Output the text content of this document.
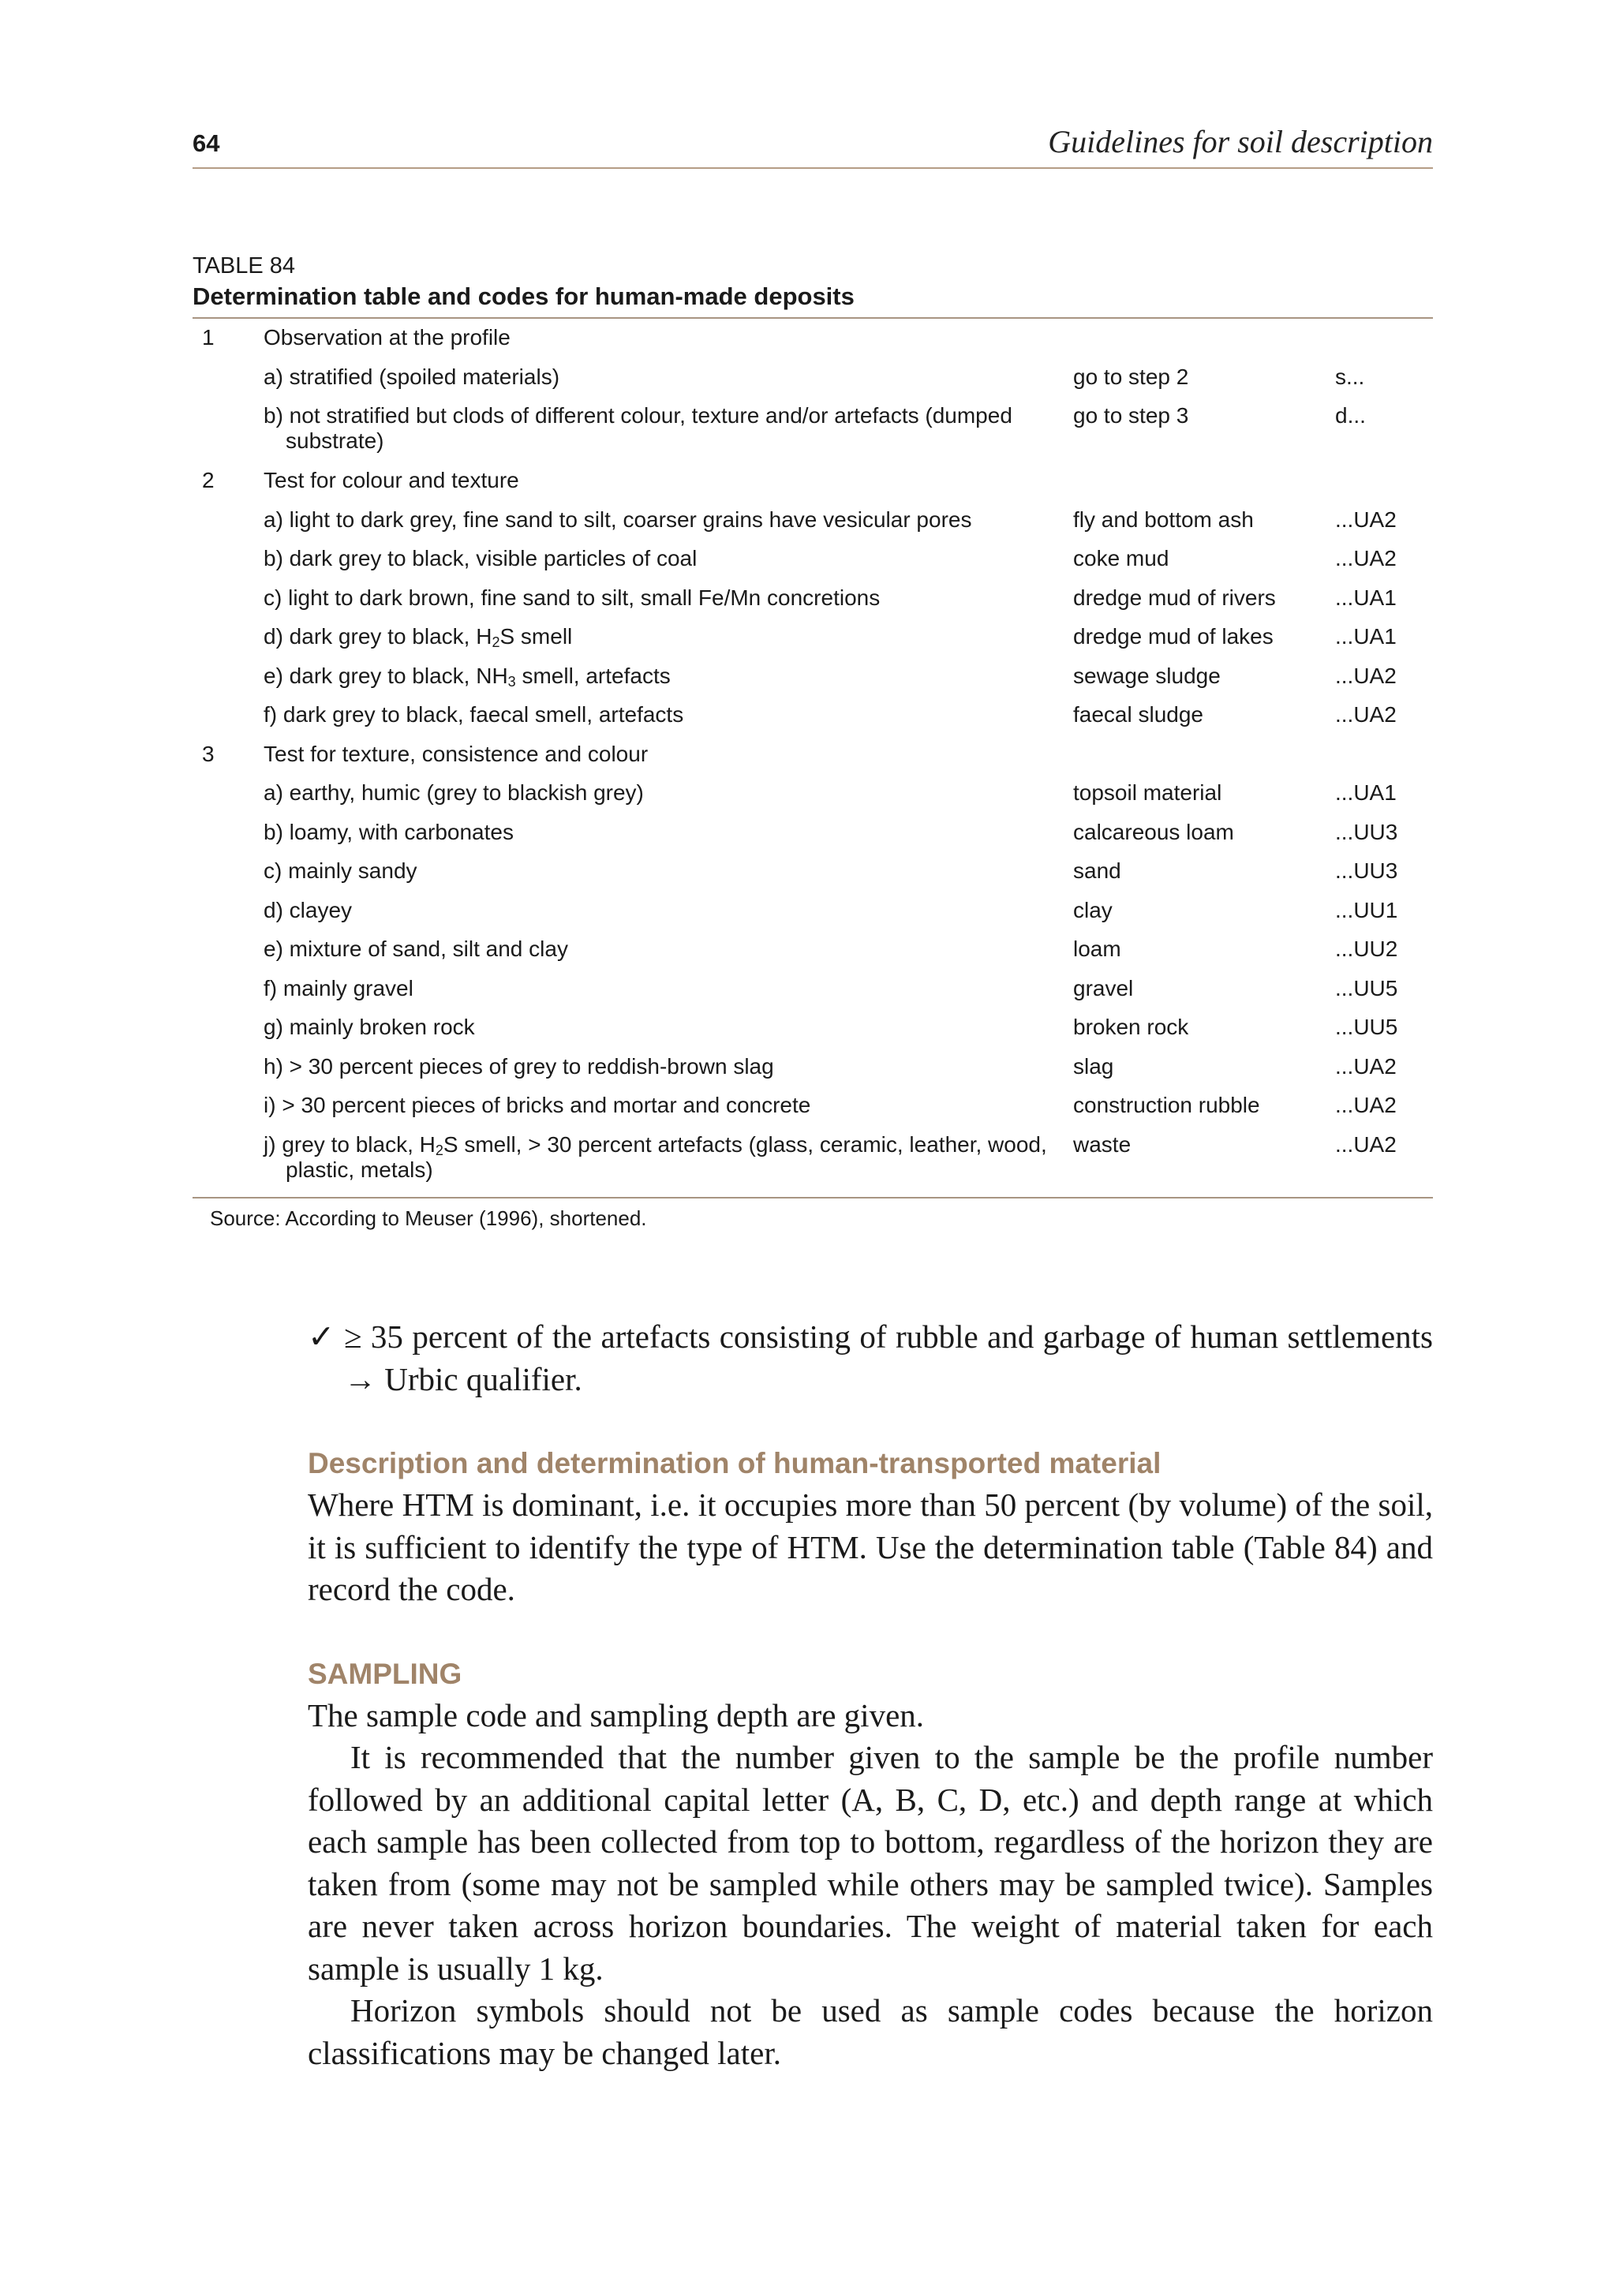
64	Guidelines for soil description
TABLE 84
Determination table and codes for human-made deposits
1	Observation at the profile		
	a) stratified (spoiled materials)	go to step 2	s...
	b) not stratified but clods of different colour, texture and/or artefacts (dumped substrate)	go to step 3	d...
2	Test for colour and texture		
	a) light to dark grey, fine sand to silt, coarser grains have vesicular pores	fly and bottom ash	...UA2
	b) dark grey to black, visible particles of coal	coke mud	...UA2
	c) light to dark brown, fine sand to silt, small Fe/Mn concretions	dredge mud of rivers	...UA1
	d) dark grey to black, $H_2S$ smell	dredge mud of lakes	...UA1
	e) dark grey to black, $NH_3$ smell, artefacts	sewage sludge	...UA2
	f) dark grey to black, faecal smell, artefacts	faecal sludge	...UA2
3	Test for texture, consistence and colour		
	a) earthy, humic (grey to blackish grey)	topsoil material	...UA1
	b) loamy, with carbonates	calcareous loam	...UU3
	c) mainly sandy	sand	...UU3
	d) clayey	clay	...UU1
	e) mixture of sand, silt and clay	loam	...UU2
	f) mainly gravel	gravel	...UU5
	g) mainly broken rock	broken rock	...UU5
	h) > 30 percent pieces of grey to reddish-brown slag	slag	...UA2
	i) > 30 percent pieces of bricks and mortar and concrete	construction rubble	...UA2
	j) grey to black, $H_2S$ smell, > 30 percent artefacts (glass, ceramic, leather, wood, plastic, metals)	waste	...UA2
Source: According to Meuser (1996), shortened.
✓ ≥ 35 percent of the artefacts consisting of rubble and garbage of human settlements → Urbic qualifier.
Description and determination of human-transported material

Where HTM is dominant, i.e. it occupies more than 50 percent (by volume) of the soil, it is sufficient to identify the type of HTM. Use the determination table (Table 84) and record the code.

SAMPLING

The sample code and sampling depth are given.

It is recommended that the number given to the sample be the profile number followed by an additional capital letter (A, B, C, D, etc.) and depth range at which each sample has been collected from top to bottom, regardless of the horizon they are taken from (some may not be sampled while others may be sampled twice). Samples are never taken across horizon boundaries. The weight of material taken for each sample is usually 1 kg.

Horizon symbols should not be used as sample codes because the horizon classifications may be changed later.
